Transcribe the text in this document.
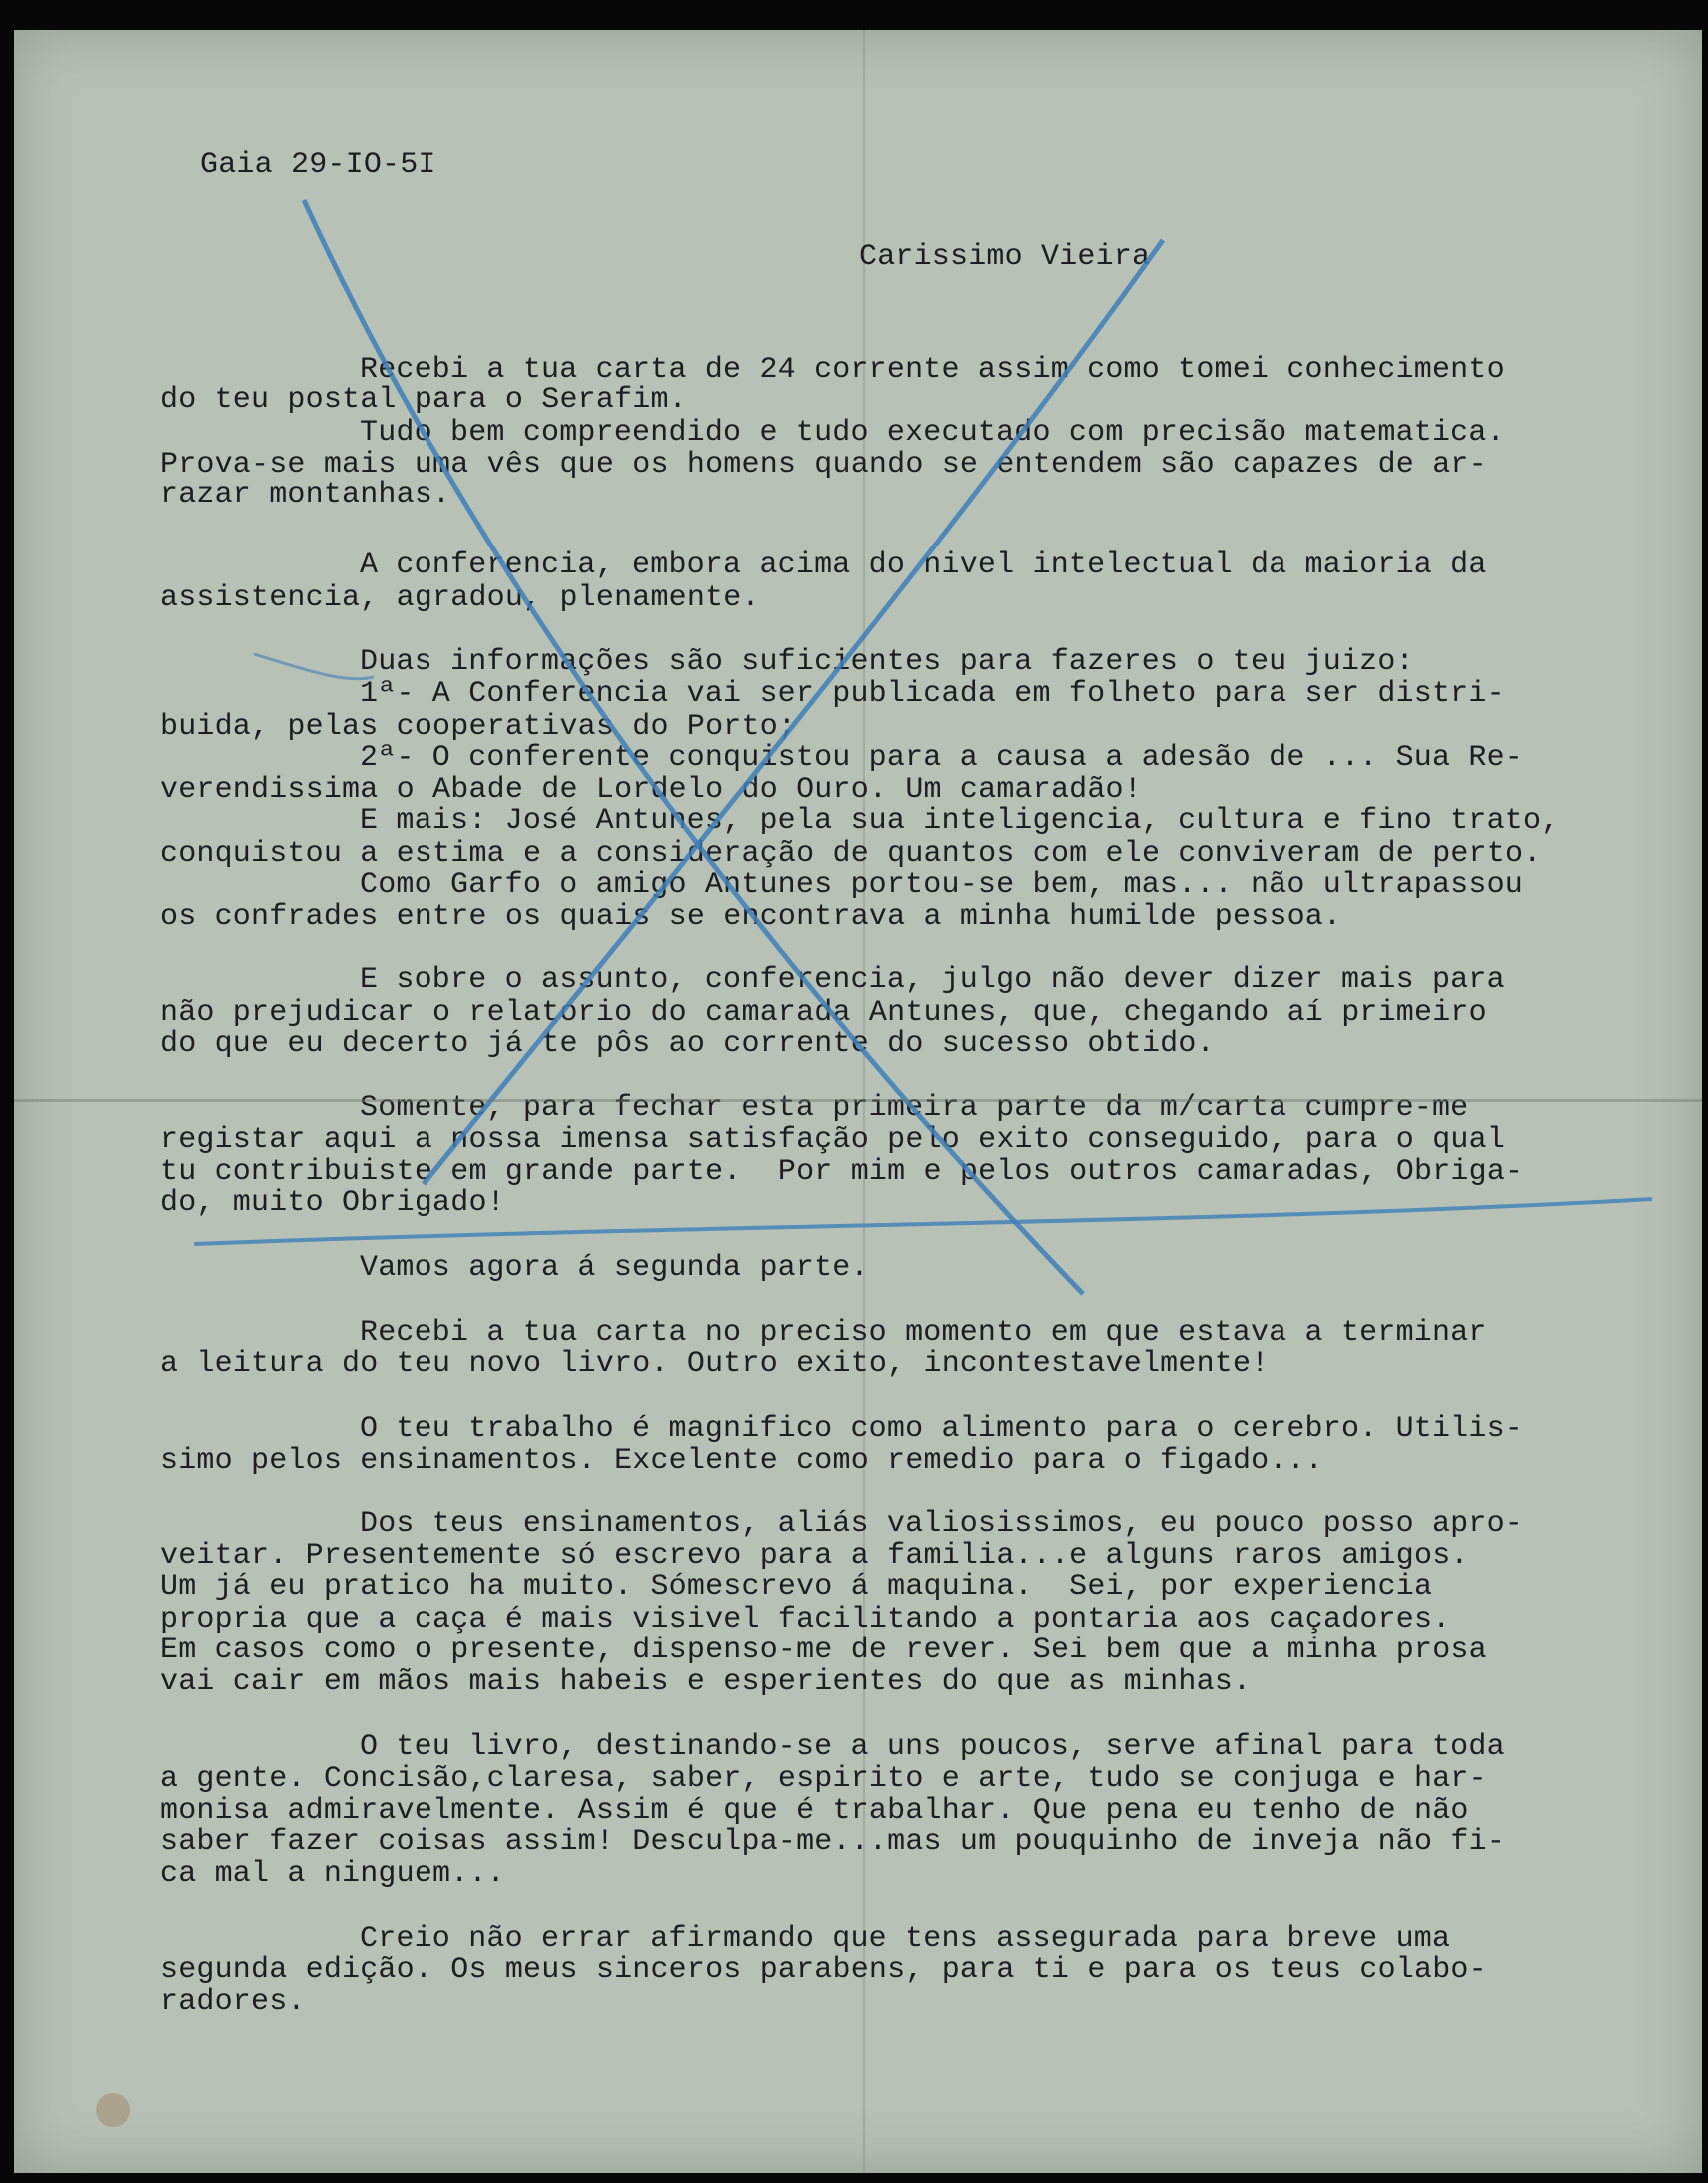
Gaia 29-IO-5I
Carissimo Vieira
Recebi a tua carta de 24 corrente assim como tomei conhecimento
do teu postal para o Serafim.
Tudo bem compreendido e tudo executado com precisão matematica.
Prova-se mais uma vês que os homens quando se entendem são capazes de ar-
razar montanhas.
A conferencia, embora acima do nivel intelectual da maioria da
assistencia, agradou, plenamente.
Duas informações são suficientes para fazeres o teu juizo:
1ª- A Conferencia vai ser publicada em folheto para ser distri-
buida, pelas cooperativas do Porto;
2ª- O conferente conquistou para a causa a adesão de ... Sua Re-
verendissima o Abade de Lordelo do Ouro. Um camaradão!
E mais: José Antunes, pela sua inteligencia, cultura e fino trato,
conquistou a estima e a consideração de quantos com ele conviveram de perto.
Como Garfo o amigo Antunes portou-se bem, mas... não ultrapassou
os confrades entre os quais se encontrava a minha humilde pessoa.
E sobre o assunto, conferencia, julgo não dever dizer mais para
não prejudicar o relatorio do camarada Antunes, que, chegando aí primeiro
do que eu decerto já te pôs ao corrente do sucesso obtido.
Somente, para fechar esta primeira parte da m/carta cumpre-me
registar aqui a nossa imensa satisfação pelo exito conseguido, para o qual
tu contribuiste em grande parte.  Por mim e pelos outros camaradas, Obriga-
do, muito Obrigado!
Vamos agora á segunda parte.
Recebi a tua carta no preciso momento em que estava a terminar
a leitura do teu novo livro. Outro exito, incontestavelmente!
O teu trabalho é magnifico como alimento para o cerebro. Utilis-
simo pelos ensinamentos. Excelente como remedio para o figado...
Dos teus ensinamentos, aliás valiosissimos, eu pouco posso apro-
veitar. Presentemente só escrevo para a familia...e alguns raros amigos.
Um já eu pratico ha muito. Sómescrevo á maquina.  Sei, por experiencia
propria que a caça é mais visivel facilitando a pontaria aos caçadores.
Em casos como o presente, dispenso-me de rever. Sei bem que a minha prosa
vai cair em mãos mais habeis e esperientes do que as minhas.
O teu livro, destinando-se a uns poucos, serve afinal para toda
a gente. Concisão,claresa, saber, espirito e arte, tudo se conjuga e har-
monisa admiravelmente. Assim é que é trabalhar. Que pena eu tenho de não
saber fazer coisas assim! Desculpa-me...mas um pouquinho de inveja não fi-
ca mal a ninguem...
Creio não errar afirmando que tens assegurada para breve uma
segunda edição. Os meus sinceros parabens, para ti e para os teus colabo-
radores.
